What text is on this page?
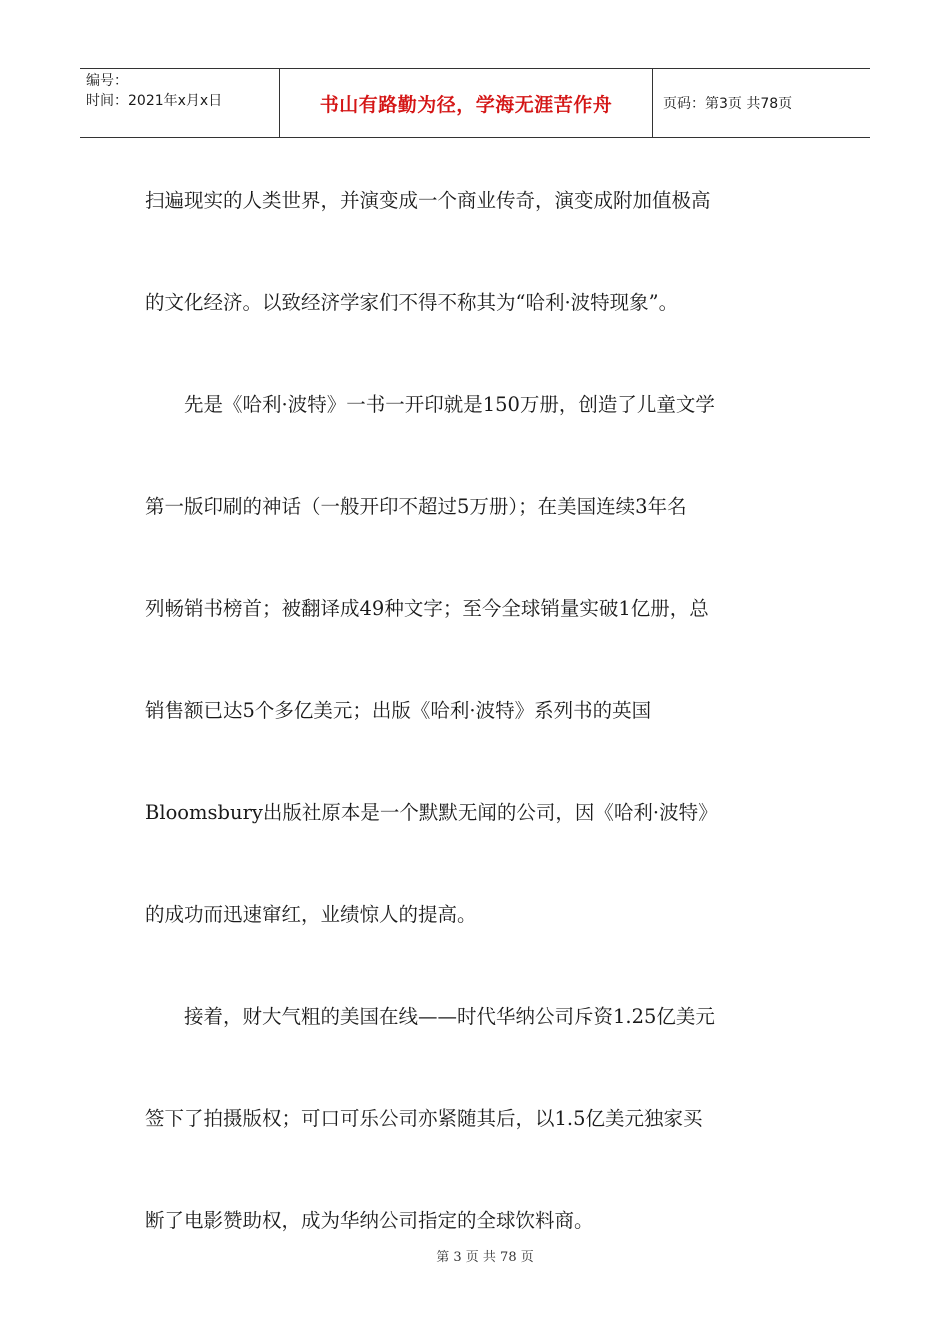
编号：
时间：2021年x月x日	书山有路勤为径，学海无涯苦作舟	页码：第3页 共78页
扫遍现实的人类世界，并演变成一个商业传奇，演变成附加值极高
的文化经济。以致经济学家们不得不称其为“哈利·波特现象”。
　　先是《哈利·波特》一书一开印就是150万册，创造了儿童文学
第一版印刷的神话（一般开印不超过5万册）；在美国连续3年名
列畅销书榜首；被翻译成49种文字；至今全球销量实破1亿册，总
销售额已达5个多亿美元；出版《哈利·波特》系列书的英国
Bloomsbury出版社原本是一个默默无闻的公司，因《哈利·波特》
的成功而迅速窜红，业绩惊人的提高。
　　接着，财大气粗的美国在线——时代华纳公司斥资1.25亿美元
签下了拍摄版权；可口可乐公司亦紧随其后，以1.5亿美元独家买
断了电影赞助权，成为华纳公司指定的全球饮料商。
第 3 页 共 78 页
